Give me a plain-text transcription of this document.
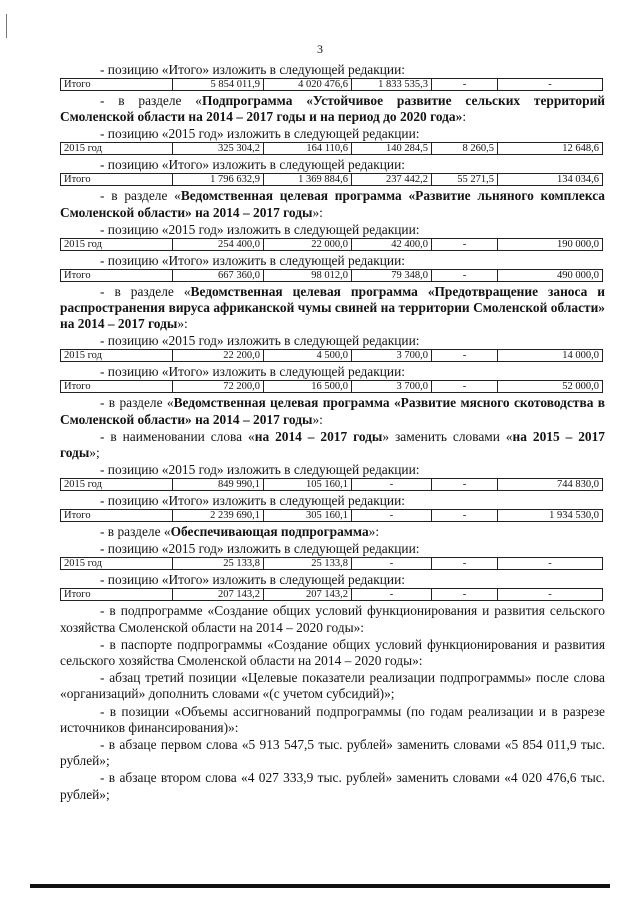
3
- позицию «Итого» изложить в следующей редакции:
Итого	5 854 011,9	4 020 476,6	1 833 535,3	-	-
- в разделе «Подпрограмма «Устойчивое развитие сельских территорий Смоленской области на 2014 – 2017 годы и на период до 2020 года»:
- позицию «2015 год» изложить в следующей редакции:
2015 год	325 304,2	164 110,6	140 284,5	8 260,5	12 648,6
- позицию «Итого» изложить в следующей редакции:
Итого	1 796 632,9	1 369 884,6	237 442,2	55 271,5	134 034,6
- в разделе «Ведомственная целевая программа «Развитие льняного комплекса Смоленской области» на 2014 – 2017 годы»:
- позицию «2015 год» изложить в следующей редакции:
2015 год	254 400,0	22 000,0	42 400,0	-	190 000,0
- позицию «Итого» изложить в следующей редакции:
Итого	667 360,0	98 012,0	79 348,0	-	490 000,0
- в разделе «Ведомственная целевая программа «Предотвращение заноса и распространения вируса африканской чумы свиней на территории Смоленской области» на 2014 – 2017 годы»:
- позицию «2015 год» изложить в следующей редакции:
2015 год	22 200,0	4 500,0	3 700,0	-	14 000,0
- позицию «Итого» изложить в следующей редакции:
Итого	72 200,0	16 500,0	3 700,0	-	52 000,0
- в разделе «Ведомственная целевая программа «Развитие мясного скотоводства в Смоленской области» на 2014 – 2017 годы»:
- в наименовании слова «на 2014 – 2017 годы» заменить словами «на 2015 – 2017 годы»;
- позицию «2015 год» изложить в следующей редакции:
2015 год	849 990,1	105 160,1	-	-	744 830,0
- позицию «Итого» изложить в следующей редакции:
Итого	2 239 690,1	305 160,1	-	-	1 934 530,0
- в разделе «Обеспечивающая подпрограмма»:
- позицию «2015 год» изложить в следующей редакции:
2015 год	25 133,8	25 133,8	-	-	-
- позицию «Итого» изложить в следующей редакции:
Итого	207 143,2	207 143,2	-	-	-
- в подпрограмме «Создание общих условий функционирования и развития сельского хозяйства Смоленской области на 2014 – 2020 годы»:
- в паспорте подпрограммы «Создание общих условий функционирования и развития сельского хозяйства Смоленской области на 2014 – 2020 годы»:
- абзац третий позиции «Целевые показатели реализации подпрограммы» после слова «организаций» дополнить словами «(с учетом субсидий)»;
- в позиции «Объемы ассигнований подпрограммы (по годам реализации и в разрезе источников финансирования)»:
- в абзаце первом слова «5 913 547,5 тыс. рублей» заменить словами «5 854 011,9 тыс. рублей»;
- в абзаце втором слова «4 027 333,9 тыс. рублей» заменить словами «4 020 476,6 тыс. рублей»;
